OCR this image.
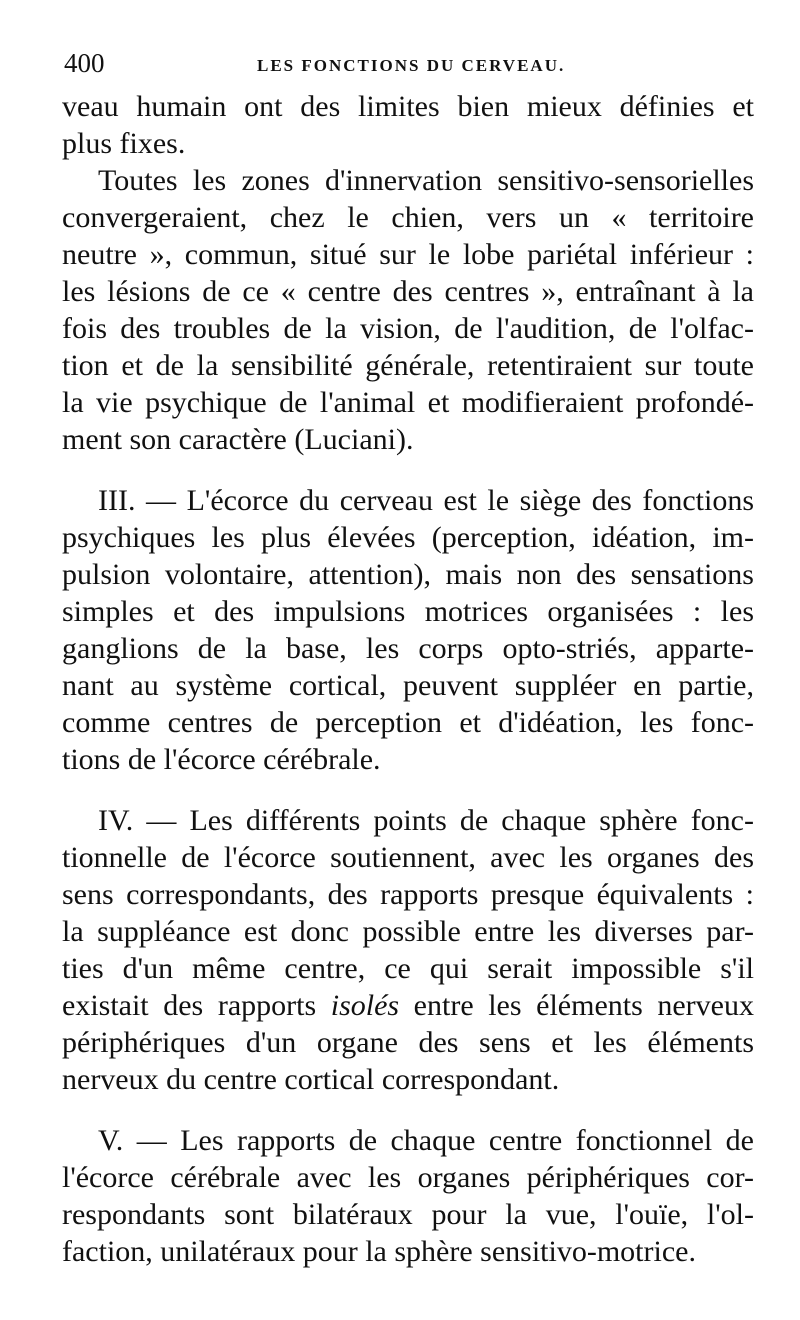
400	LES FONCTIONS DU CERVEAU.
veau humain ont des limites bien mieux définies et
plus fixes.
Toutes les zones d'innervation sensitivo-sensorielles
convergeraient, chez le chien, vers un « territoire
neutre », commun, situé sur le lobe pariétal inférieur :
les lésions de ce « centre des centres », entraînant à la
fois des troubles de la vision, de l'audition, de l'olfac-
tion et de la sensibilité générale, retentiraient sur toute
la vie psychique de l'animal et modifieraient profondé-
ment son caractère (Luciani).
III. — L'écorce du cerveau est le siège des fonctions
psychiques les plus élevées (perception, idéation, im-
pulsion volontaire, attention), mais non des sensations
simples et des impulsions motrices organisées : les
ganglions de la base, les corps opto-striés, apparte-
nant au système cortical, peuvent suppléer en partie,
comme centres de perception et d'idéation, les fonc-
tions de l'écorce cérébrale.
IV. — Les différents points de chaque sphère fonc-
tionnelle de l'écorce soutiennent, avec les organes des
sens correspondants, des rapports presque équivalents :
la suppléance est donc possible entre les diverses par-
ties d'un même centre, ce qui serait impossible s'il
existait des rapports isolés entre les éléments nerveux
périphériques d'un organe des sens et les éléments
nerveux du centre cortical correspondant.
V. — Les rapports de chaque centre fonctionnel de
l'écorce cérébrale avec les organes périphériques cor-
respondants sont bilatéraux pour la vue, l'ouïe, l'ol-
faction, unilatéraux pour la sphère sensitivo-motrice.
